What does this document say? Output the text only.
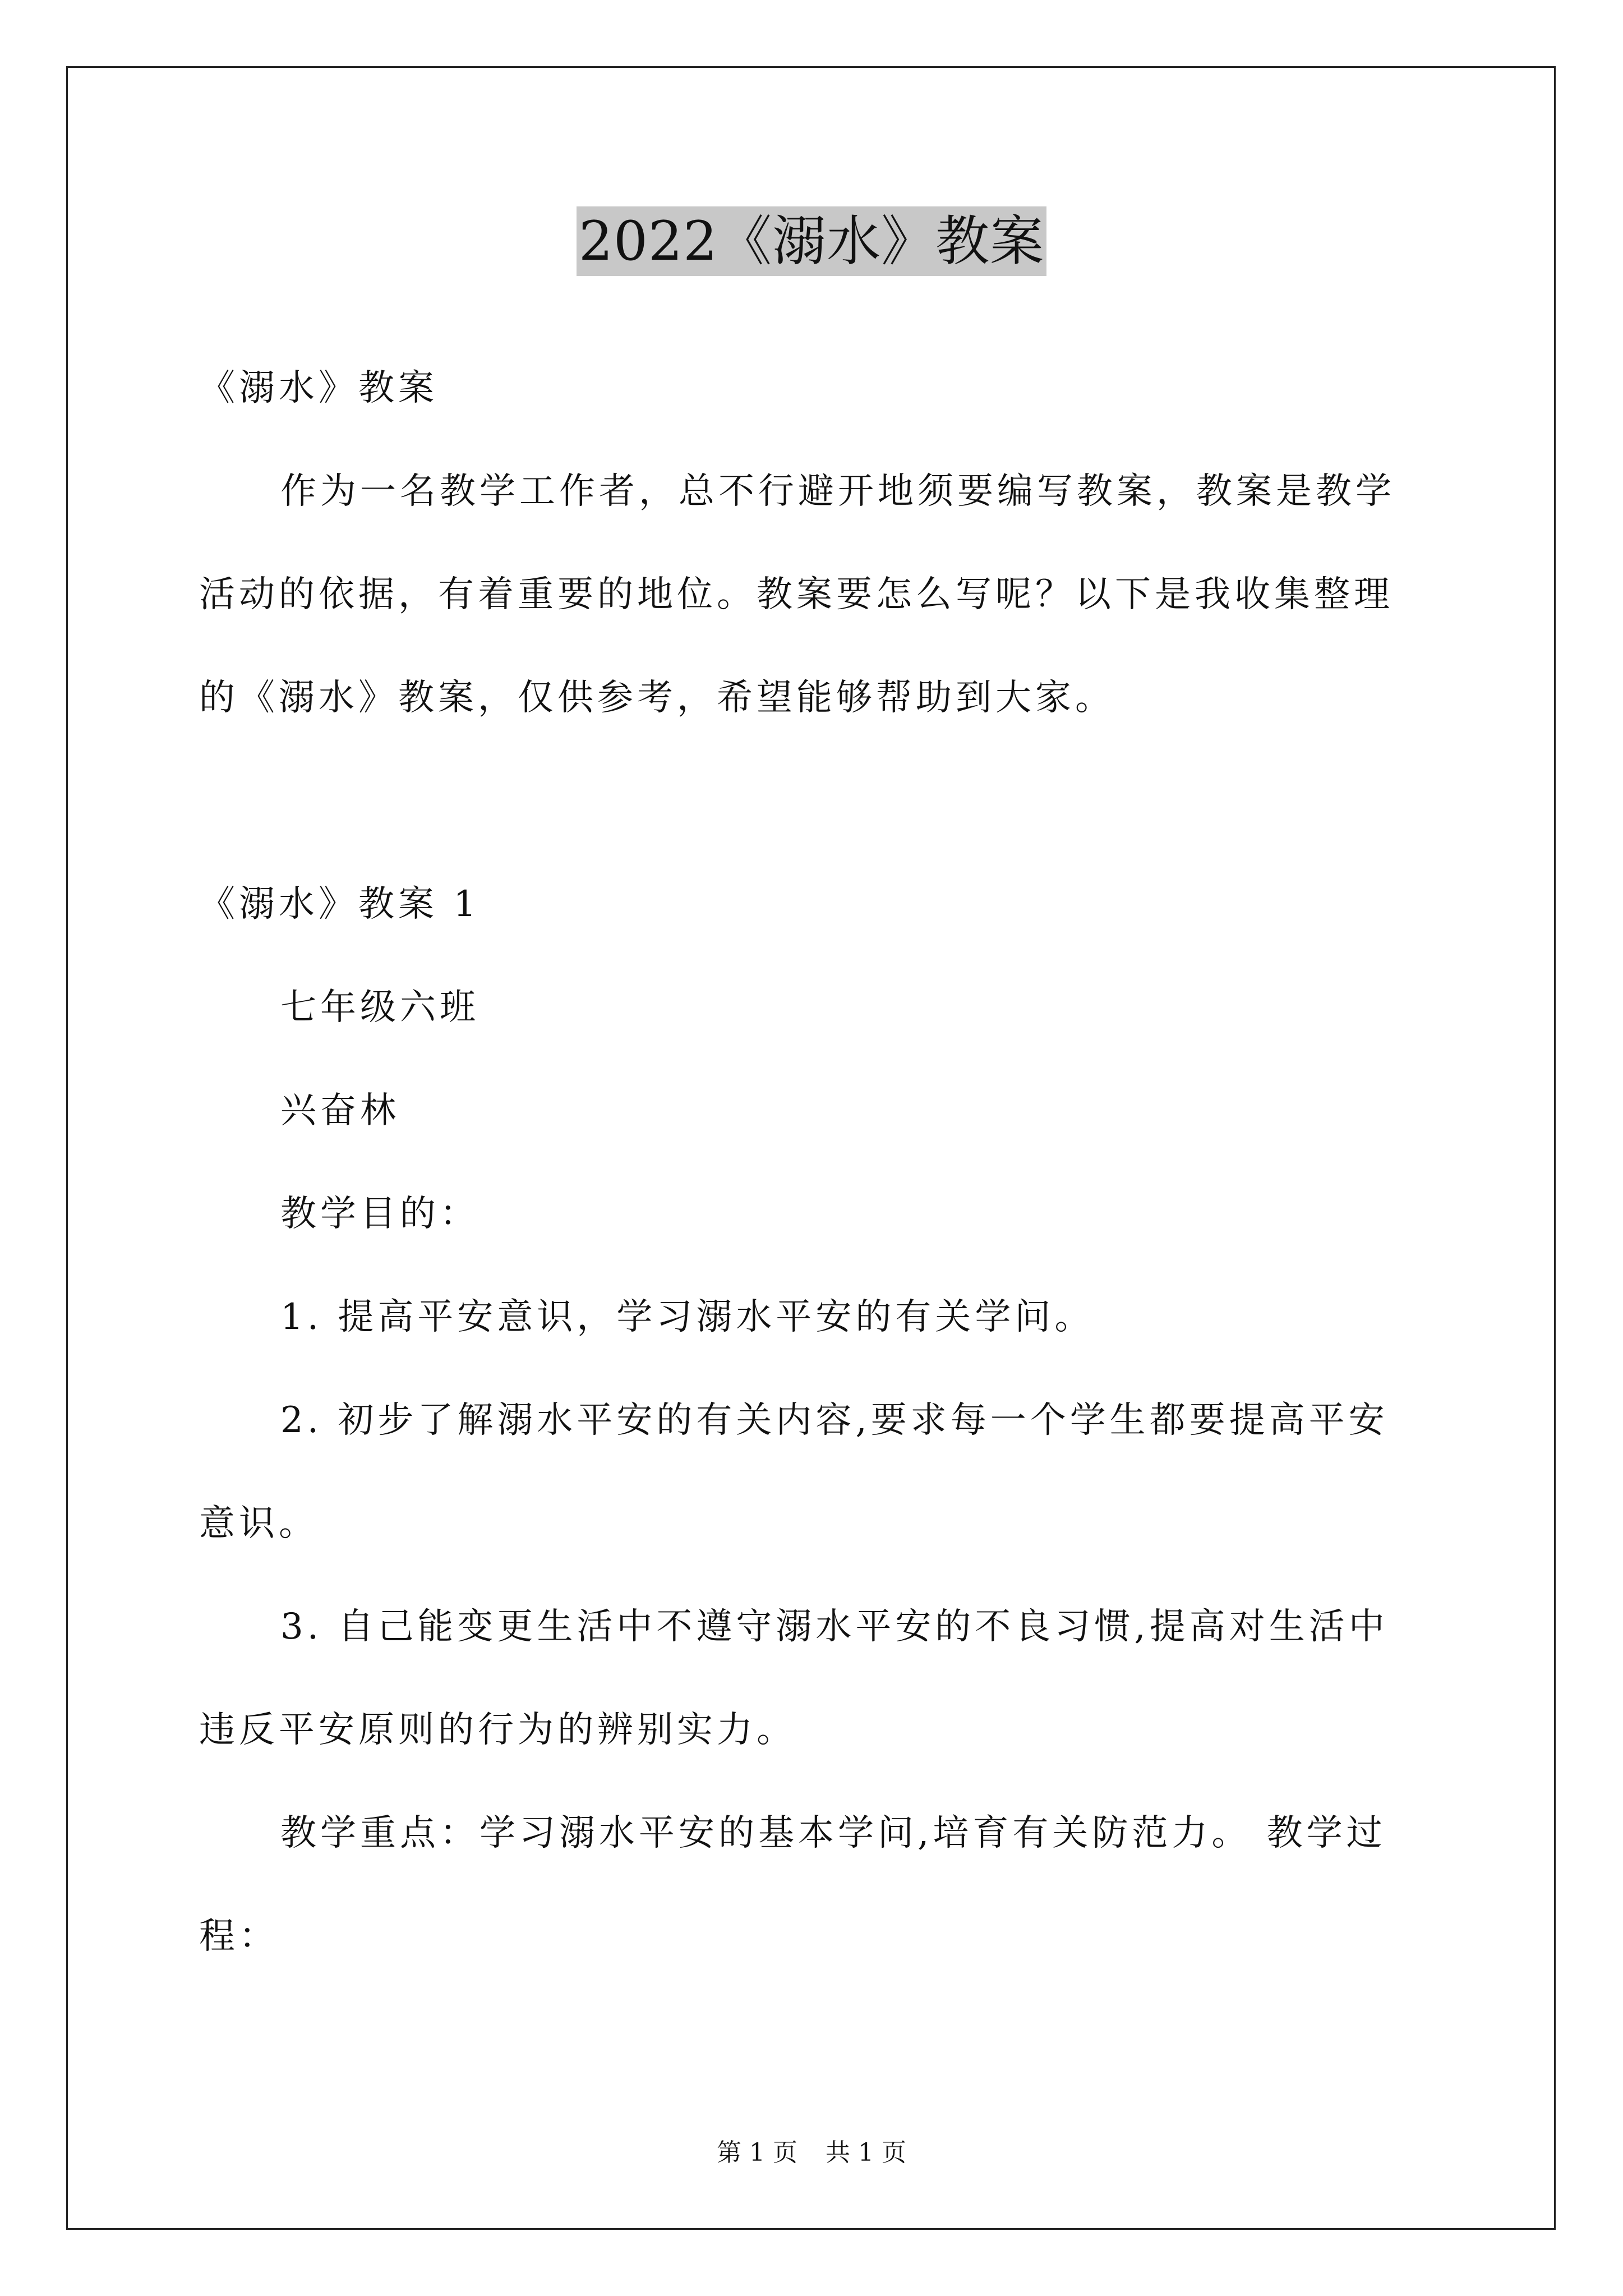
2022《溺水》教案

《溺水》教案

作为一名教学工作者，总不行避开地须要编写教案，教案是教学

活动的依据，有着重要的地位。教案要怎么写呢？以下是我收集整理

的《溺水》教案，仅供参考，希望能够帮助到大家。

《溺水》教案 1

七年级六班

兴奋林

教学目的：

1. 提高平安意识，学习溺水平安的有关学问。

2. 初步了解溺水平安的有关内容,要求每一个学生都要提高平安

意识。

3. 自己能变更生活中不遵守溺水平安的不良习惯,提高对生活中

违反平安原则的行为的辨别实力。

教学重点：学习溺水平安的基本学问,培育有关防范力。 教学过

程：

第 1 页 共 1 页
